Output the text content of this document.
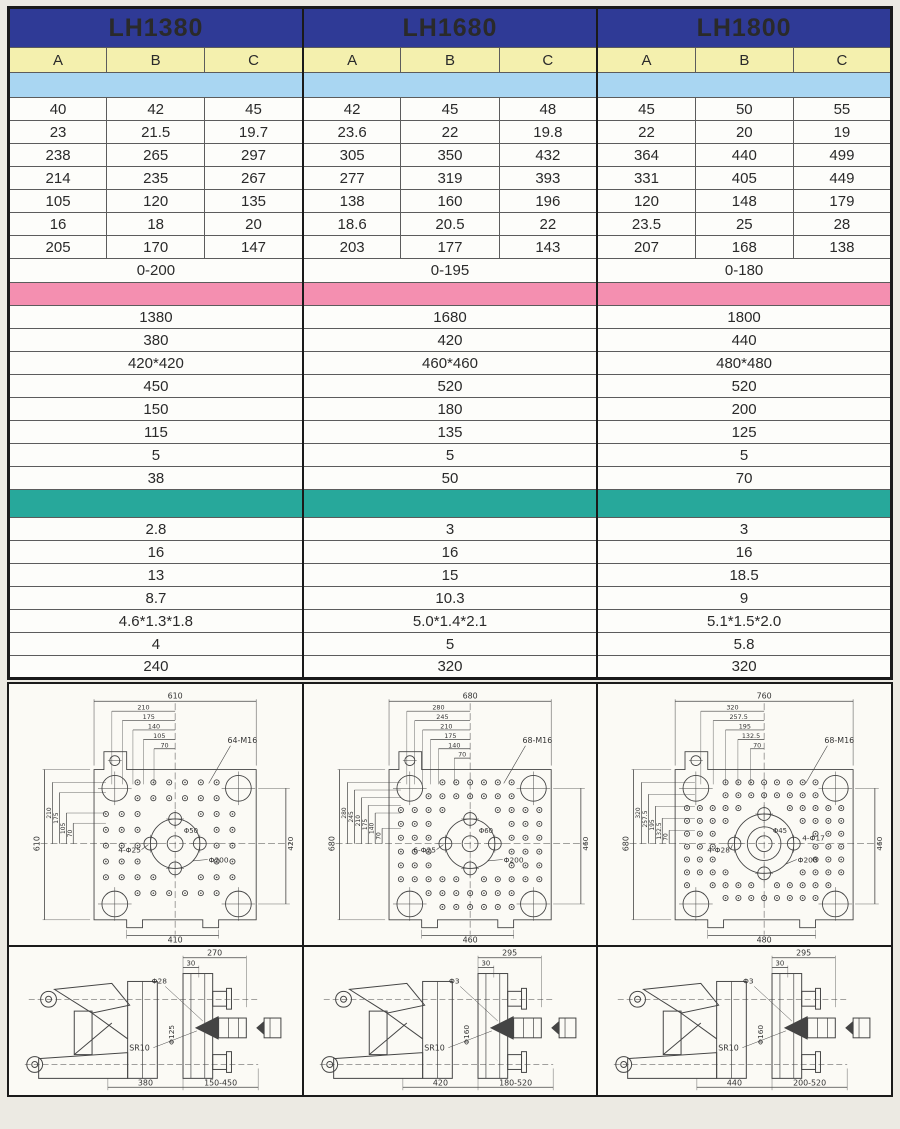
LH1380			LH1680			LH1800		
A	B	C	A	B	C	A	B	C

40	42	45	42	45	48	45	50	55
23	21.5	19.7	23.6	22	19.8	22	20	19
238	265	297	305	350	432	364	440	499
214	235	267	277	319	393	331	405	449
105	120	135	138	160	196	120	148	179
16	18	20	18.6	20.5	22	23.5	25	28
205	170	147	203	177	143	207	168	138
0-200			0-195			0-180		

1380			1680			1800		
380			420			440		
420*420			460*460			480*480		
450			520			520		
150			180			200		
115			135			125		
5			5			5		
38			50			70		

2.8			3			3		
16			16			16		
13			15			18.5		
8.7			10.3			9		
4.6*1.3*1.8			5.0*1.4*2.1			5.1*1.5*2.0		
4			5			5.8		
240			320			320		
610
210
175
140
105
70
610
210 175
105 70
420
410
64-M16
4-Φ25
Φ50
Φ200
680
280
245
210
175
140
70
680
280 245 210 175 140
70
460
460
68-M16
6-Φ25
Φ60
Φ200
760
320
257.5
195
132.5
70
680
320 257.5 195 132.5 70	460
480
68-M16
4-Φ28
Φ45
Φ200
4-Φ17
270
30
Φ28
Φ125
SR10
380	150-450
295
30
Φ3
Φ160
SR10
420	180-520
295
30
Φ3
Φ160
SR10
440	200-520
